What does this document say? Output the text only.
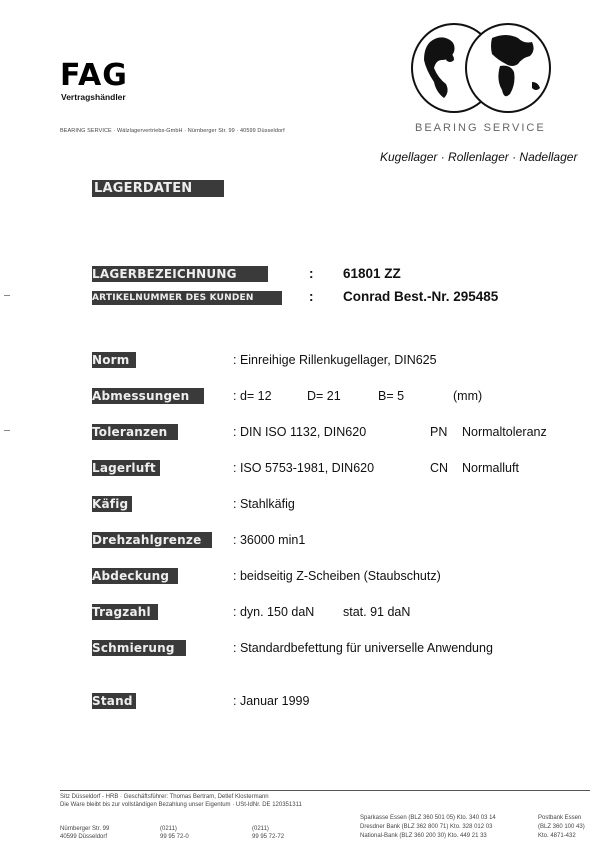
FAG
Vertragshändler
BEARING SERVICE · Wälzlagervertriebs-GmbH · Nürnberger Str. 99 · 40599 Düsseldorf	BEARING SERVICE
Kugellager · Rollenlager · Nadellager
LAGERDATEN
LAGERBEZEICHNUNG	: 61801 ZZ
ARTIKELNUMMER DES KUNDEN	: Conrad Best.-Nr. 295485
Norm	: Einreihige Rillenkugellager, DIN625
Abmessungen	: d= 12	D= 21	B= 5	(mm)
Toleranzen	: DIN ISO 1132, DIN620	PN Normaltoleranz
Lagerluft	: ISO 5753-1981, DIN620	CN Normalluft
Käfig	: Stahlkäfig
Drehzahlgrenze	: 36000 min1
Abdeckung	: beidseitig Z-Scheiben (Staubschutz)
Tragzahl	: dyn. 150 daN stat. 91 daN
Schmierung	: Standardbefettung für universelle Anwendung
Stand	: Januar 1999
Sitz Düsseldorf - HRB · Geschäftsführer: Thomas Bertram, Detlef Klostermann
Die Ware bleibt bis zur vollständigen Bezahlung unser Eigentum · USt-IdNr. DE 120351311
Nürnberger Str. 99
40599 Düsseldorf
(0211)
99 95 72-0
(0211)
99 95 72-72
Sparkasse Essen (BLZ 360 501 05) Kto. 340 03 14
Dresdner Bank (BLZ 362 800 71) Kto. 328 012 03
National-Bank (BLZ 360 200 30) Kto. 449 21 33
Postbank Essen
(BLZ 360 100 43)
Kto. 4871-432
